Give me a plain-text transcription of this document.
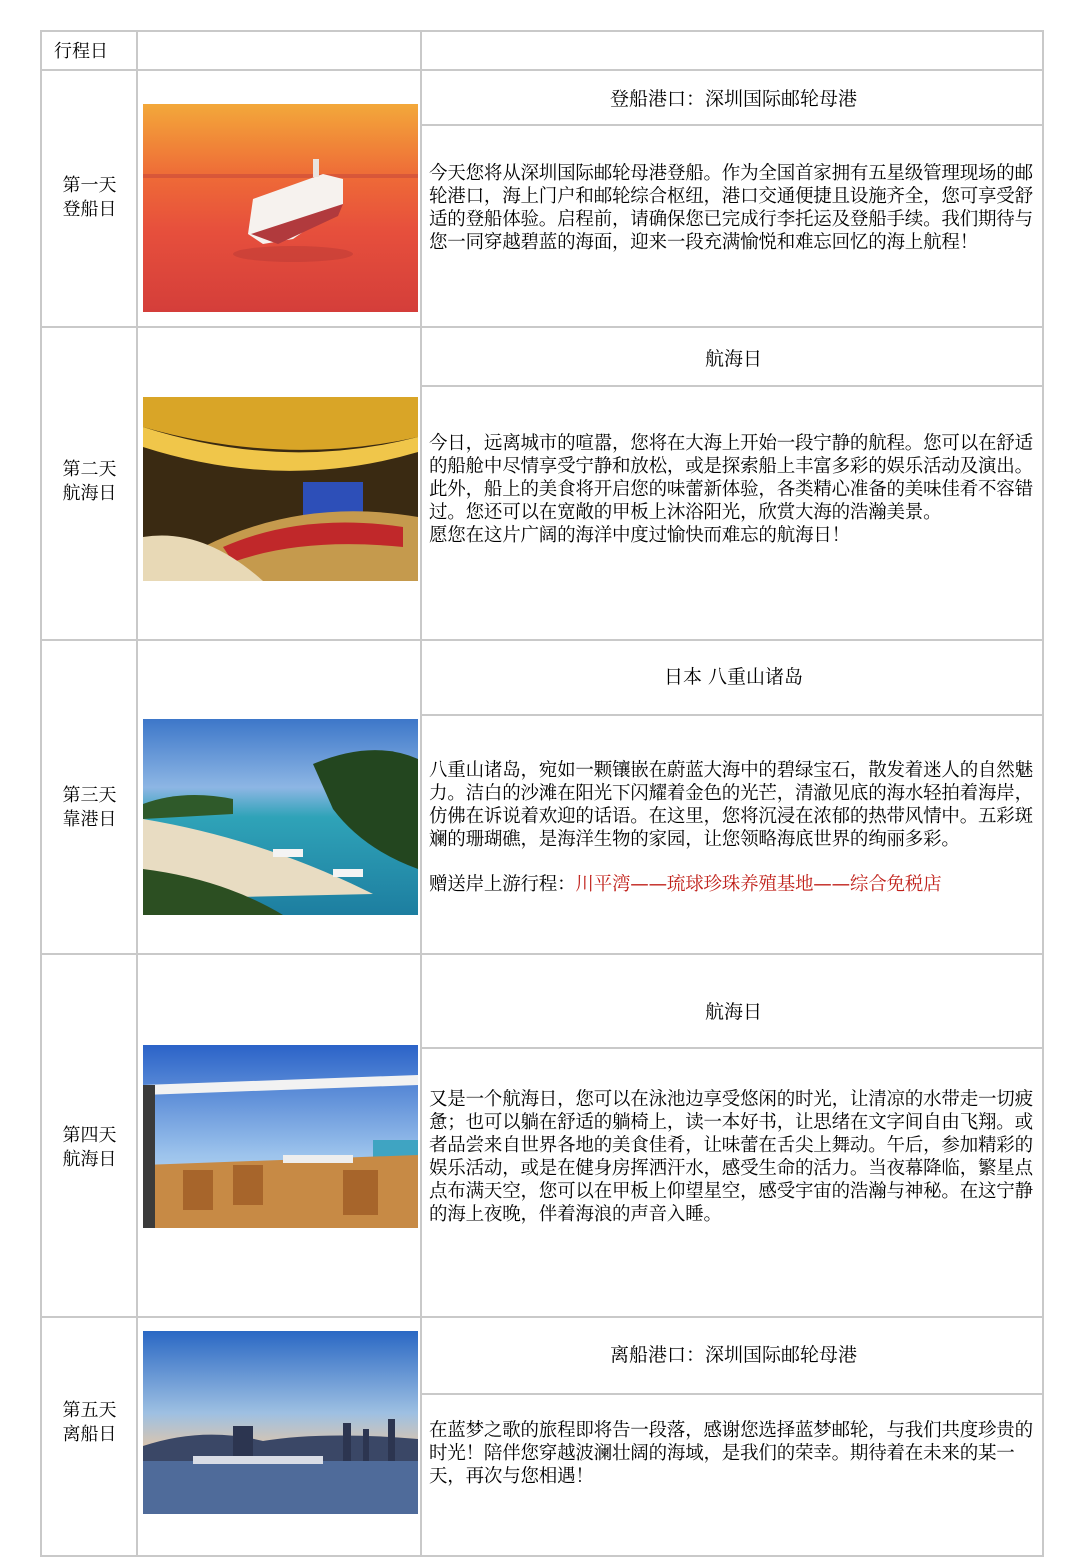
行程日
第一天
登船日
登船港口：深圳国际邮轮母港

今天您将从深圳国际邮轮母港登船。作为全国首家拥有五星级管理现场的邮轮港口，海上门户和邮轮综合枢纽，港口交通便捷且设施齐全，您可享受舒适的登船体验。启程前，请确保您已完成行李托运及登船手续。我们期待与您一同穿越碧蓝的海面，迎来一段充满愉悦和难忘回忆的海上航程！

第二天
航海日
航海日

今日，远离城市的喧嚣，您将在大海上开始一段宁静的航程。您可以在舒适的船舱中尽情享受宁静和放松，或是探索船上丰富多彩的娱乐活动及演出。此外，船上的美食将开启您的味蕾新体验，各类精心准备的美味佳肴不容错过。您还可以在宽敞的甲板上沐浴阳光，欣赏大海的浩瀚美景。

愿您在这片广阔的海洋中度过愉快而难忘的航海日！

第三天
靠港日
日本 八重山诸岛

八重山诸岛，宛如一颗镶嵌在蔚蓝大海中的碧绿宝石，散发着迷人的自然魅力。洁白的沙滩在阳光下闪耀着金色的光芒，清澈见底的海水轻拍着海岸，仿佛在诉说着欢迎的话语。在这里，您将沉浸在浓郁的热带风情中。五彩斑斓的珊瑚礁，是海洋生物的家园，让您领略海底世界的绚丽多彩。

赠送岸上游行程：川平湾——琉球珍珠养殖基地——综合免税店

第四天
航海日
航海日

又是一个航海日，您可以在泳池边享受悠闲的时光，让清凉的水带走一切疲惫；也可以躺在舒适的躺椅上，读一本好书，让思绪在文字间自由飞翔。或者品尝来自世界各地的美食佳肴，让味蕾在舌尖上舞动。午后，参加精彩的娱乐活动，或是在健身房挥洒汗水，感受生命的活力。当夜幕降临，繁星点点布满天空，您可以在甲板上仰望星空，感受宇宙的浩瀚与神秘。在这宁静的海上夜晚，伴着海浪的声音入睡。

第五天
离船日
离船港口：深圳国际邮轮母港

在蓝梦之歌的旅程即将告一段落，感谢您选择蓝梦邮轮，与我们共度珍贵的时光！陪伴您穿越波澜壮阔的海域，是我们的荣幸。期待着在未来的某一天，再次与您相遇！
